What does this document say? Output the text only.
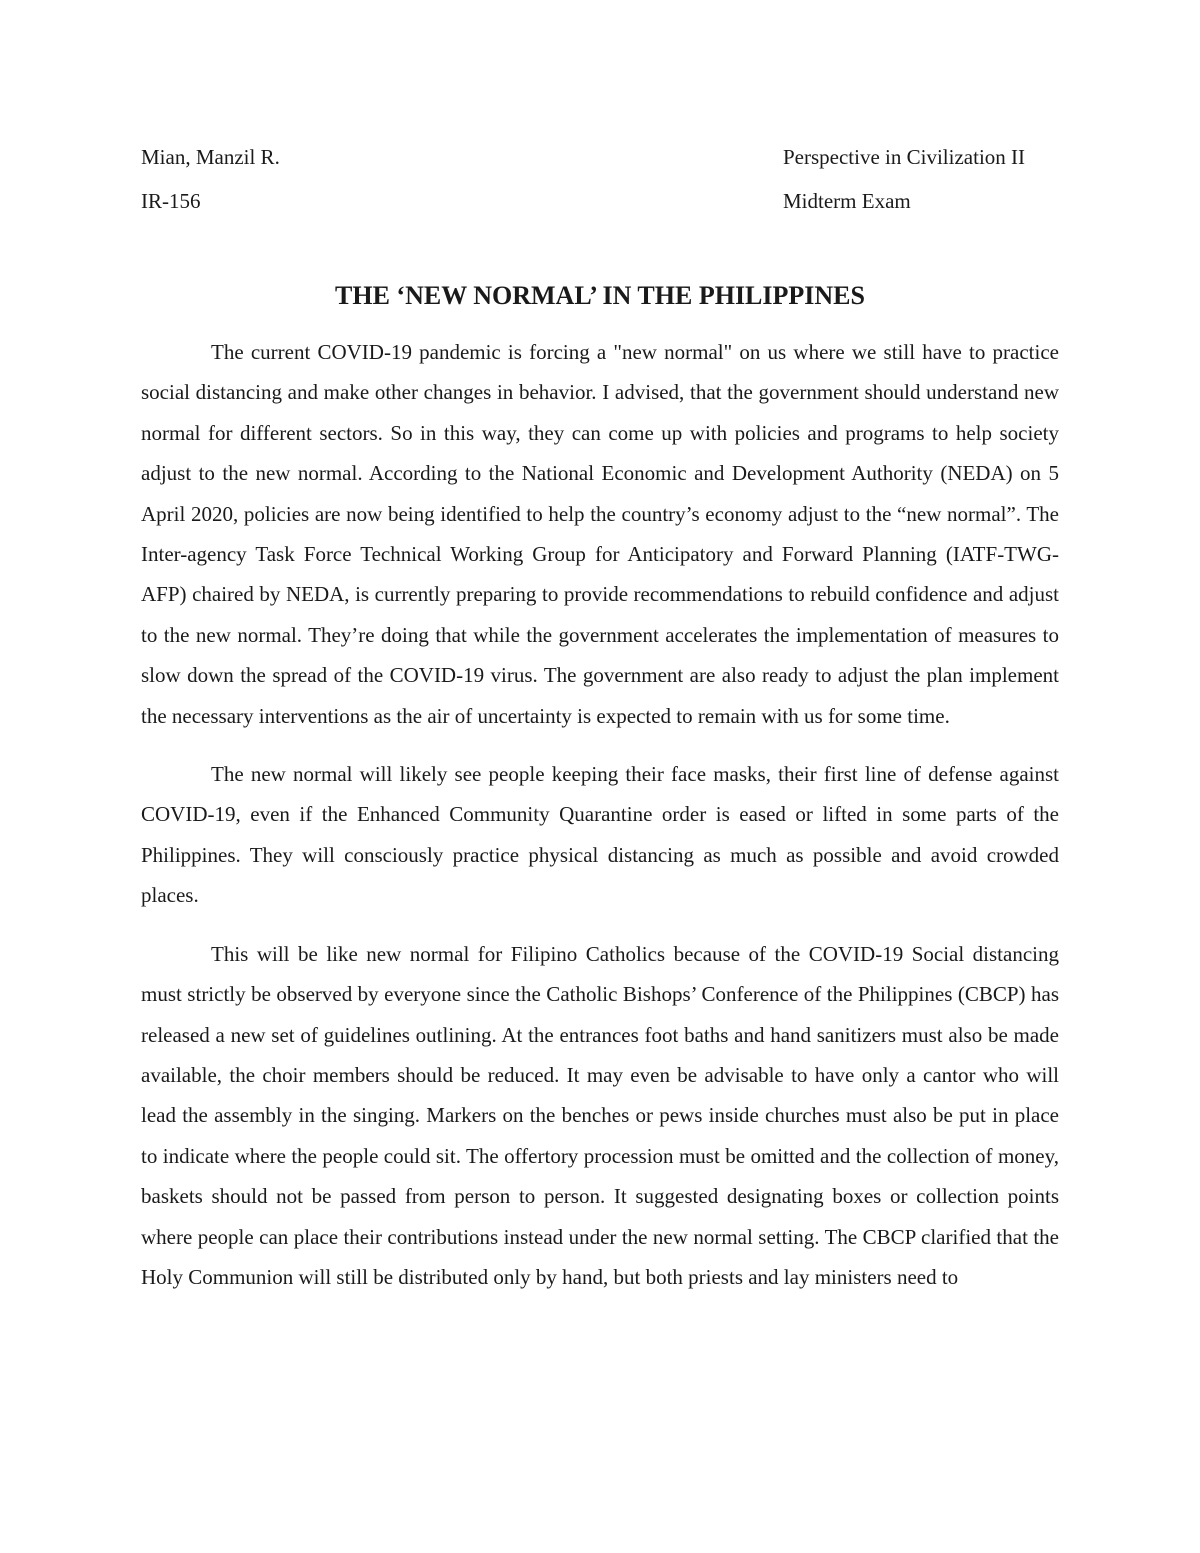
Mian, Manzil R.	Perspective in Civilization II
IR-156	Midterm Exam
THE ‘NEW NORMAL’ IN THE PHILIPPINES

The current COVID-19 pandemic is forcing a "new normal" on us where we still have to practice social distancing and make other changes in behavior. I advised, that the government should understand new normal for different sectors. So in this way, they can come up with policies and programs to help society adjust to the new normal. According to the National Economic and Development Authority (NEDA) on 5 April 2020, policies are now being identified to help the country’s economy adjust to the “new normal”. The Inter-agency Task Force Technical Working Group for Anticipatory and Forward Planning (IATF-TWG-AFP) chaired by NEDA, is currently preparing to provide recommendations to rebuild confidence and adjust to the new normal. They’re doing that while the government accelerates the implementation of measures to slow down the spread of the COVID-19 virus. The government are also ready to adjust the plan implement the necessary interventions as the air of uncertainty is expected to remain with us for some time.

The new normal will likely see people keeping their face masks, their first line of defense against COVID-19, even if the Enhanced Community Quarantine order is eased or lifted in some parts of the Philippines. They will consciously practice physical distancing as much as possible and avoid crowded places.

This will be like new normal for Filipino Catholics because of the COVID-19 Social distancing must strictly be observed by everyone since the Catholic Bishops’ Conference of the Philippines (CBCP) has released a new set of guidelines outlining. At the entrances foot baths and hand sanitizers must also be made available, the choir members should be reduced. It may even be advisable to have only a cantor who will lead the assembly in the singing. Markers on the benches or pews inside churches must also be put in place to indicate where the people could sit. The offertory procession must be omitted and the collection of money, baskets should not be passed from person to person. It suggested designating boxes or collection points where people can place their contributions instead under the new normal setting. The CBCP clarified that the Holy Communion will still be distributed only by hand, but both priests and lay ministers need to
